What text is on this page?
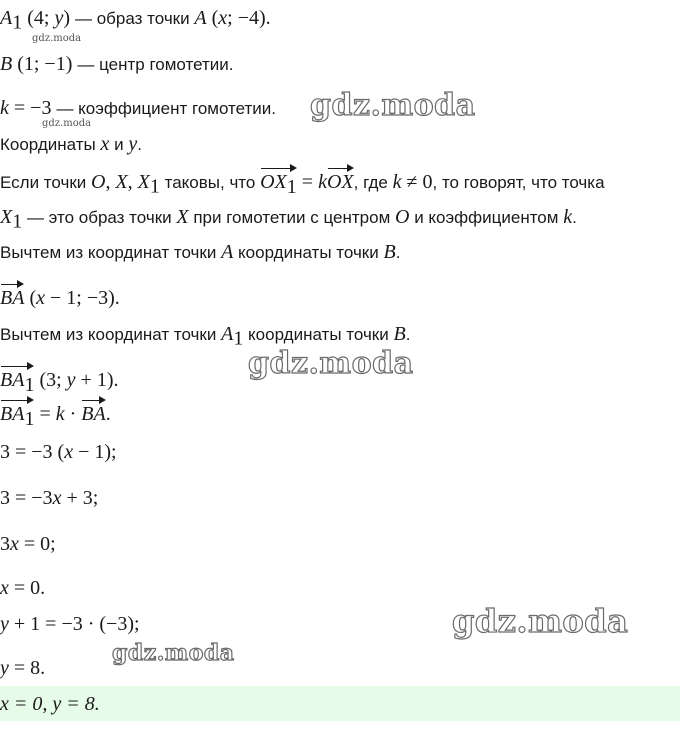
$A_1$ (4; y) — образ точки A (x; −4).
B (1; −1) — центр гомотетии.
k = −3 — коэффициент гомотетии.
Координаты x и y.
Если точки O, X, $X_1$ таковы, что $OX_1$ = kOX, где k ≠ 0, то говорят, что точка
$X_1$ — это образ точки X при гомотетии с центром O и коэффициентом k.
Вычтем из координат точки A координаты точки B.
BA (x − 1; −3).
Вычтем из координат точки $A_1$ координаты точки B.
$BA_1$ (3; y + 1).
$BA_1 = k$ · BA.
3 = −3 (x − 1);
3 = −3x + 3;
3x = 0;
x = 0.
y + 1 = −3 · (−3);
y = 8.
x = 0, y = 8.
gdz.moda
gdz.moda
gdz.moda
gdz.moda
gdz.moda
gdz.moda
